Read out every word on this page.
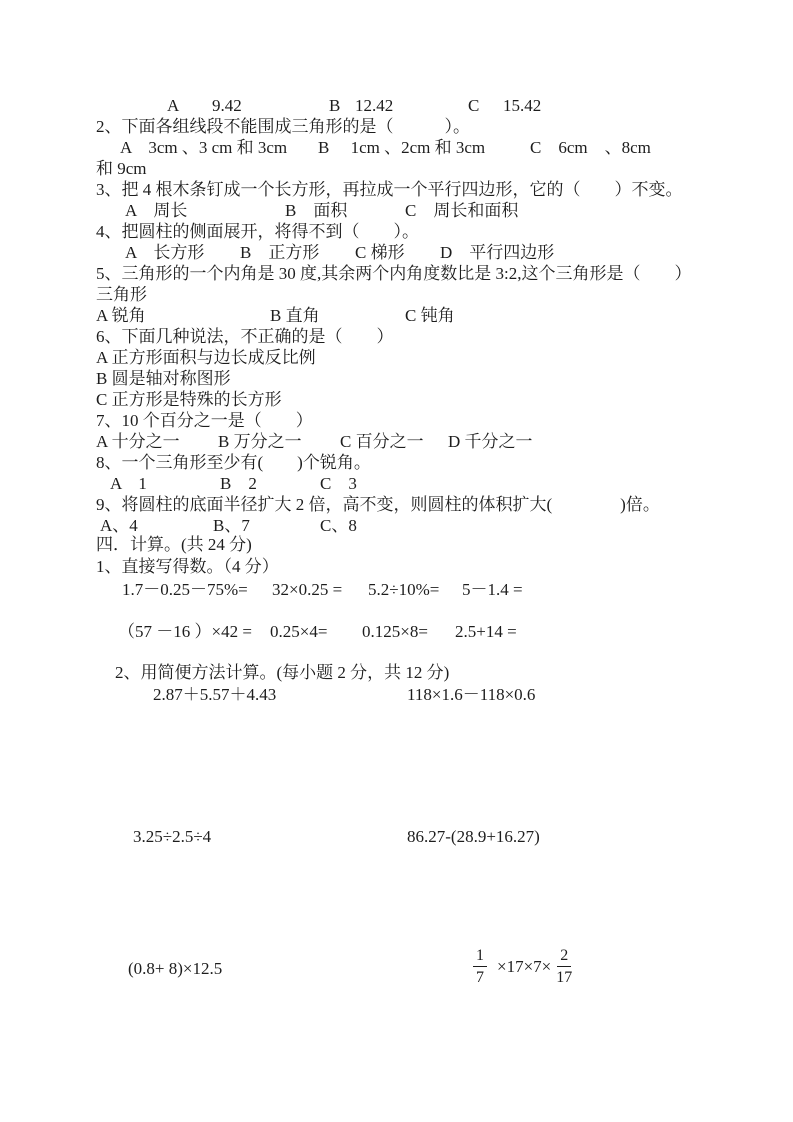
A 9.42	B 12.42	C 15.42
2、下面各组线段不能围成三角形的是（　　　）。
A　3cm 、3 cm 和 3cm B　 1cm 、2cm 和 3cm	C　6cm　、8cm
和 9cm
3、把 4 根木条钉成一个长方形，再拉成一个平行四边形，它的（　　）不变。
A　周长	B　面积	C　周长和面积
4、把圆柱的侧面展开，将得不到（　　）。
A　长方形 B　正方形 C 梯形 D　平行四边形
5、三角形的一个内角是 30 度,其余两个内角度数比是 3:2,这个三角形是（　　）
三角形
A 锐角	B 直角	C 钝角
6、下面几种说法，不正确的是（　　）
A 正方形面积与边长成反比例
B 圆是轴对称图形
C 正方形是特殊的长方形
7、10 个百分之一是（　　）
A 十分之一 B 万分之一 C 百分之一 D 千分之一
8、一个三角形至少有(　　)个锐角。
A　1	B　2	C　3
9、将圆柱的底面半径扩大 2 倍，高不变，则圆柱的体积扩大(　　　　)倍。
A、4	B、7	C、8
四．计算。(共 24 分)
1、直接写得数。（4 分）
1.7－0.25－75%= 32×0.25 = 5.2÷10%= 5－1.4 =
（57 －16 ）×42 = 0.25×4= 0.125×8= 2.5+14 =
2、用简便方法计算。(每小题 2 分，共 12 分)
2.87＋5.57＋4.43	118×1.6－118×0.6
3.25÷2.5÷4	86.27-(28.9+16.27)
(0.8+ 8)×12.5	$\frac{1}{7} \times 17\times 7\times \frac{2}{17}$
